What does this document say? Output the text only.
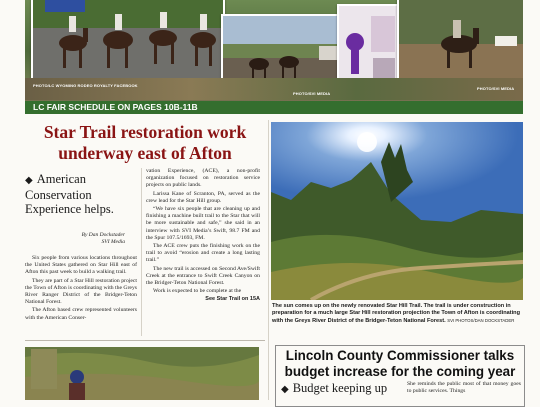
PHOTO/LC WYOMING RODEO ROYALTY FACEBOOK
PHOTO/SVI MEDIA
PHOTO/SVI MEDIA
LC FAIR SCHEDULE ON PAGES 10B-11B
Star Trail restoration work underway east of Afton
◆ American Conservation Experience helps.
By Dan Dockstader
SVI Media

Six people from various locations throughout the United States gathered on Star Hill east of Afton this past week to build a walking trail.

They are part of a Star Hill restoration project the Town of Afton is coordinating with the Greys River Ranger District of the Bridger-Teton National Forest.

The Afton based crew represented volunteers with the American Conser-

vation Experience, (ACE), a non-profit organization focused on restoration service projects on public lands.

Larissa Kane of Scranton, PA, served as the crew lead for the Star Hill group.

“We have six people that are cleaning up and finishing a machine built trail to the Star that will be more sustainable and safe,” she said in an interview with SVI Media’s Swift, 98.7 FM and the Spur 107.5/1693, FM.

The ACE crew puts the finishing work on the trail to avoid “erosion and create a long lasting trail.”

The new trail is accessed on Second Ave/Swift Creek at the entrance to Swift Creek Canyon on the Bridger-Teton National Forest.

Work is expected to be complete at the

See Star Trail on 15A
The sun comes up on the newly renovated Star Hill Trail. The trail is under construction in preparation for a much large Star Hill restoration projection the Town of Afton is coordinating with the Greys River District of the Bridger-Teton National Forest. SVI PHOTOS/DAN DOCKSTADER
Lincoln County Commissioner talks budget increase for the coming year
◆ Budget keeping up	She reminds the public most of that money goes to public services. Things
